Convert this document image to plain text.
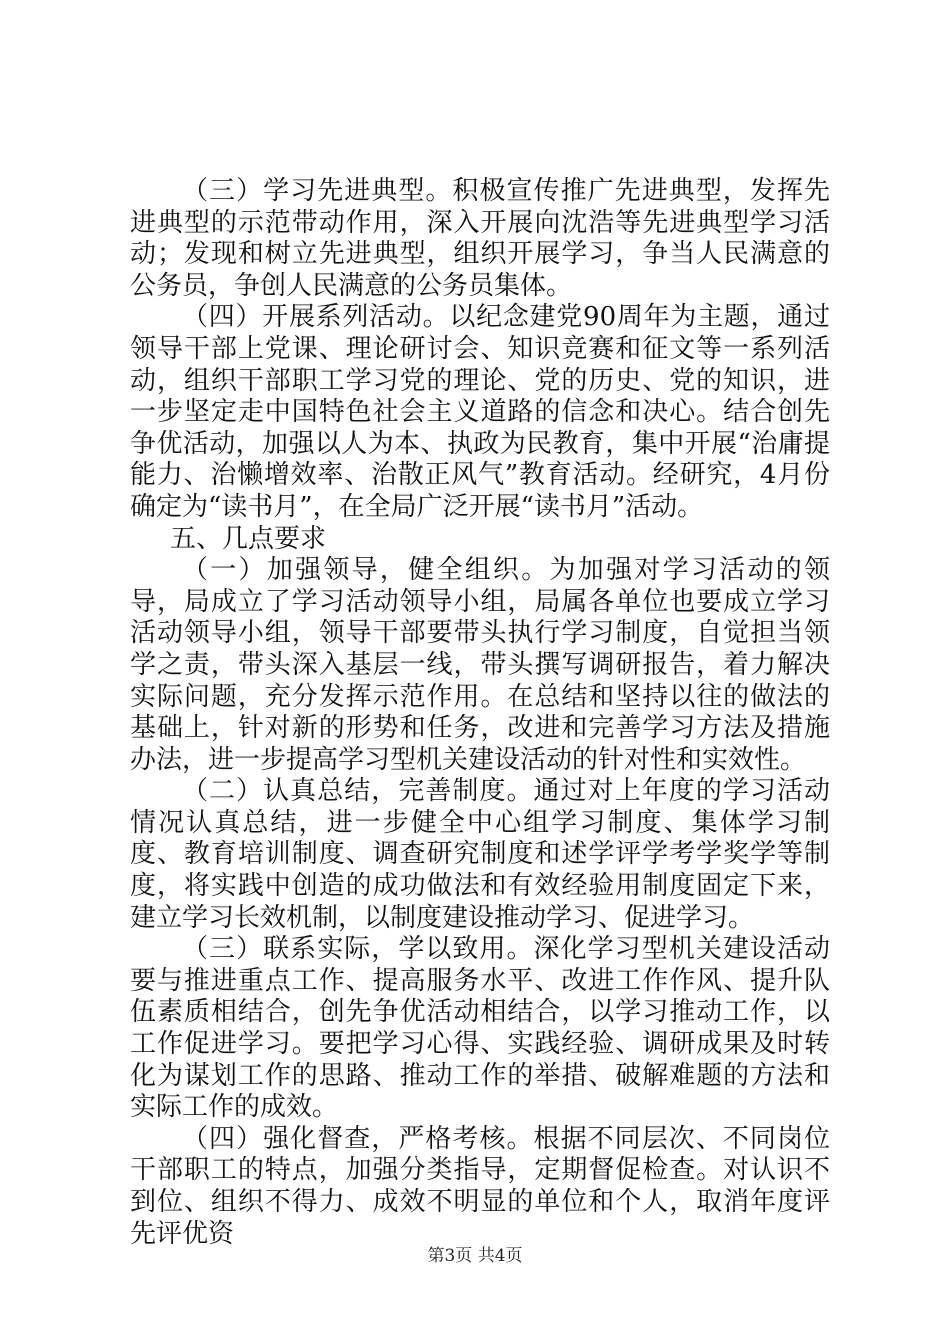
（三）学习先进典型。积极宣传推广先进典型，发挥先进典型的示范带动作用，深入开展向沈浩等先进典型学习活动；发现和树立先进典型，组织开展学习，争当人民满意的公务员，争创人民满意的公务员集体。

（四）开展系列活动。以纪念建党90周年为主题，通过领导干部上党课、理论研讨会、知识竞赛和征文等一系列活动，组织干部职工学习党的理论、党的历史、党的知识，进一步坚定走中国特色社会主义道路的信念和决心。结合创先争优活动，加强以人为本、执政为民教育，集中开展“治庸提能力、治懒增效率、治散正风气”教育活动。经研究，4月份确定为“读书月”，在全局广泛开展“读书月”活动。

五、几点要求

（一）加强领导，健全组织。为加强对学习活动的领导，局成立了学习活动领导小组，局属各单位也要成立学习活动领导小组，领导干部要带头执行学习制度，自觉担当领学之责，带头深入基层一线，带头撰写调研报告，着力解决实际问题，充分发挥示范作用。在总结和坚持以往的做法的基础上，针对新的形势和任务，改进和完善学习方法及措施办法，进一步提高学习型机关建设活动的针对性和实效性。

（二）认真总结，完善制度。通过对上年度的学习活动情况认真总结，进一步健全中心组学习制度、集体学习制度、教育培训制度、调查研究制度和述学评学考学奖学等制度，将实践中创造的成功做法和有效经验用制度固定下来，建立学习长效机制，以制度建设推动学习、促进学习。

（三）联系实际，学以致用。深化学习型机关建设活动要与推进重点工作、提高服务水平、改进工作作风、提升队伍素质相结合，创先争优活动相结合，以学习推动工作，以工作促进学习。要把学习心得、实践经验、调研成果及时转化为谋划工作的思路、推动工作的举措、破解难题的方法和实际工作的成效。

（四）强化督查，严格考核。根据不同层次、不同岗位干部职工的特点，加强分类指导，定期督促检查。对认识不到位、组织不得力、成效不明显的单位和个人，取消年度评先评优资

第3页 共4页
